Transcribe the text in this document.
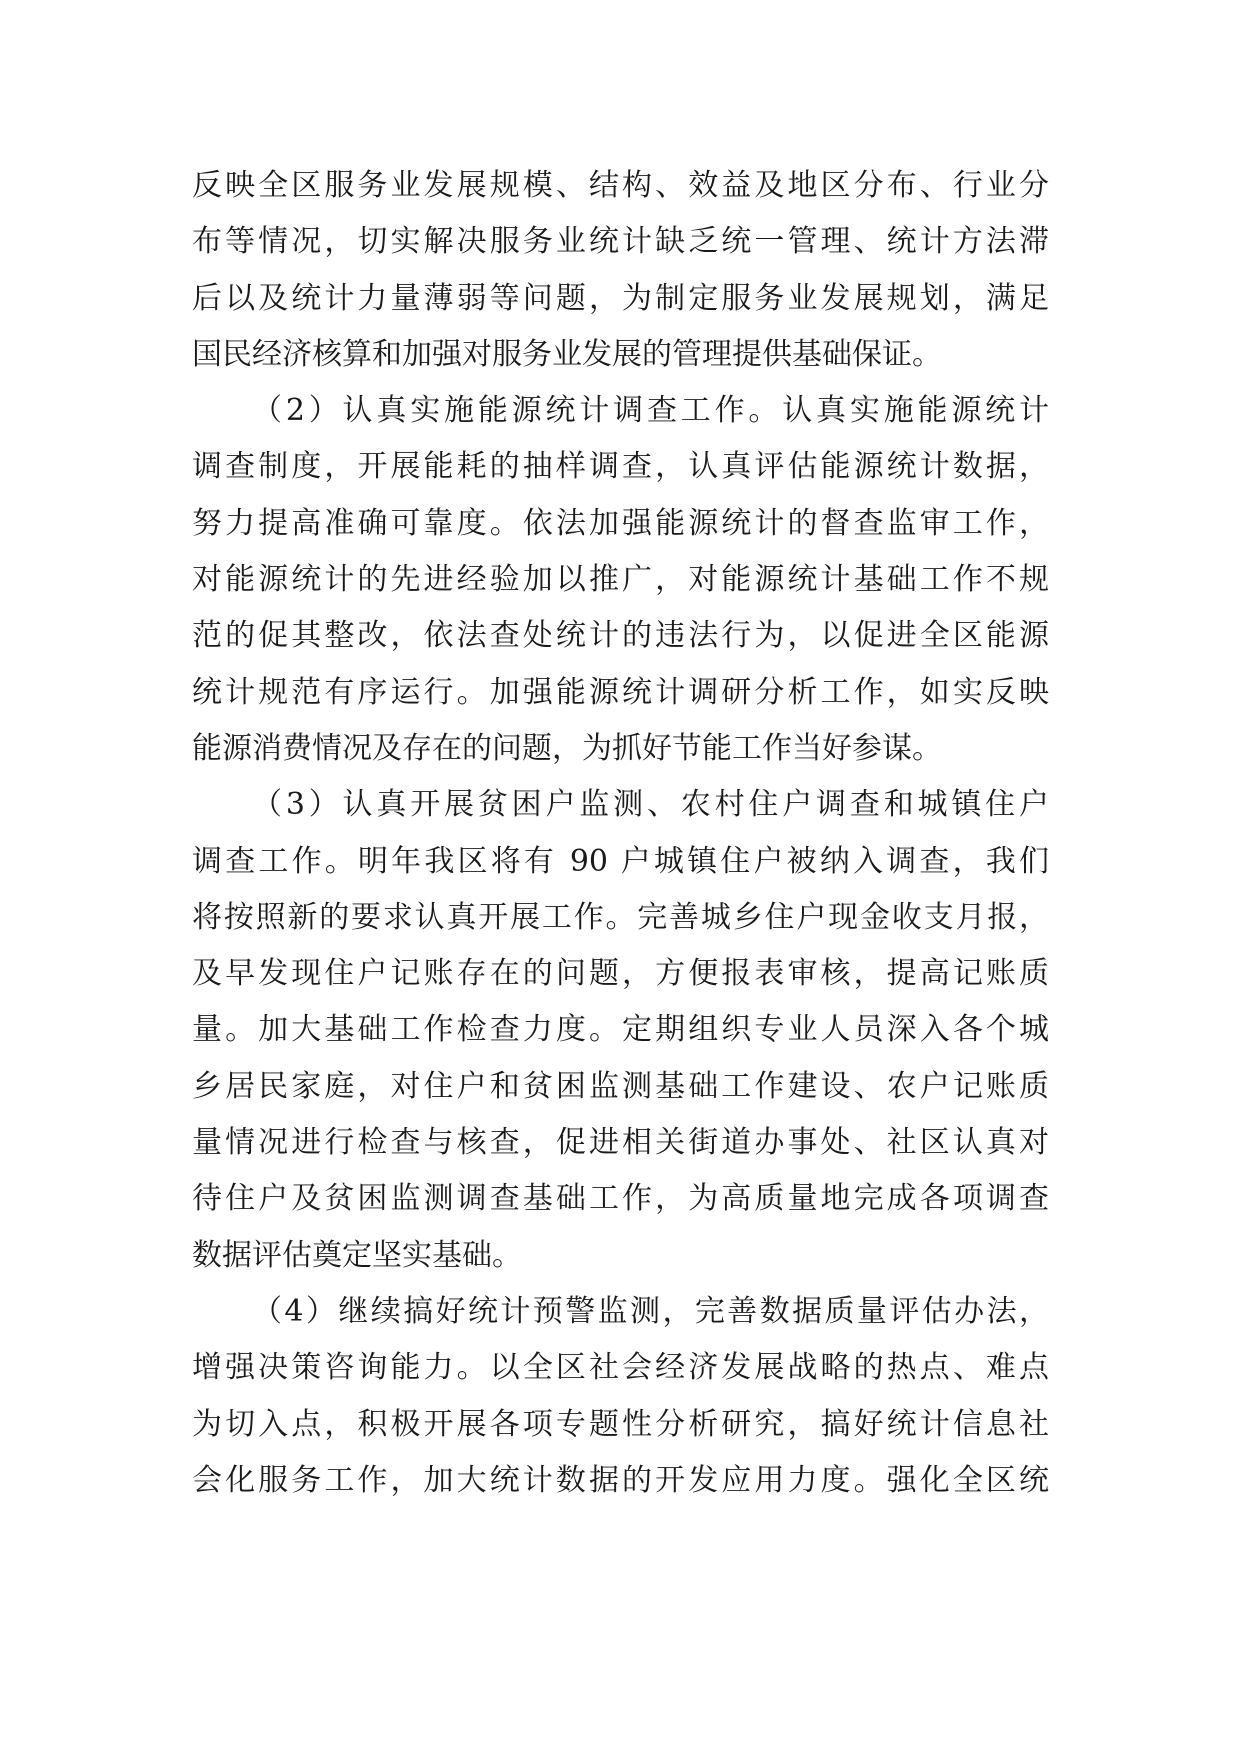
反映全区服务业发展规模、结构、效益及地区分布、行业分
布等情况，切实解决服务业统计缺乏统一管理、统计方法滞
后以及统计力量薄弱等问题，为制定服务业发展规划，满足
国民经济核算和加强对服务业发展的管理提供基础保证。
（2）认真实施能源统计调查工作。认真实施能源统计
调查制度，开展能耗的抽样调查，认真评估能源统计数据，
努力提高准确可靠度。依法加强能源统计的督查监审工作，
对能源统计的先进经验加以推广，对能源统计基础工作不规
范的促其整改，依法查处统计的违法行为，以促进全区能源
统计规范有序运行。加强能源统计调研分析工作，如实反映
能源消费情况及存在的问题，为抓好节能工作当好参谋。
（3）认真开展贫困户监测、农村住户调查和城镇住户
调查工作。明年我区将有 90 户城镇住户被纳入调查，我们
将按照新的要求认真开展工作。完善城乡住户现金收支月报，
及早发现住户记账存在的问题，方便报表审核，提高记账质
量。加大基础工作检查力度。定期组织专业人员深入各个城
乡居民家庭，对住户和贫困监测基础工作建设、农户记账质
量情况进行检查与核查，促进相关街道办事处、社区认真对
待住户及贫困监测调查基础工作，为高质量地完成各项调查
数据评估奠定坚实基础。
（4）继续搞好统计预警监测，完善数据质量评估办法，
增强决策咨询能力。以全区社会经济发展战略的热点、难点
为切入点，积极开展各项专题性分析研究，搞好统计信息社
会化服务工作，加大统计数据的开发应用力度。强化全区统
